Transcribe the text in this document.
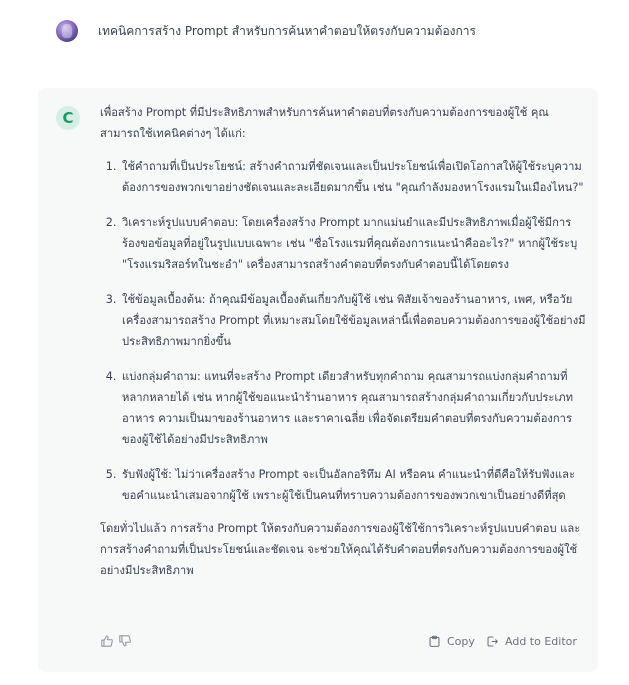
เทคนิคการสร้าง Prompt สำหรับการค้นหาคำตอบให้ตรงกับความต้องการ
C เพื่อสร้าง Prompt ที่มีประสิทธิภาพสำหรับการค้นหาคำตอบที่ตรงกับความต้องการของผู้ใช้ คุณสามารถใช้เทคนิคต่างๆ ได้แก่:

1. ใช้คำถามที่เป็นประโยชน์: สร้างคำถามที่ชัดเจนและเป็นประโยชน์เพื่อเปิดโอกาสให้ผู้ใช้ระบุความต้องการของพวกเขาอย่างชัดเจนและละเอียดมากขึ้น เช่น "คุณกำลังมองหาโรงแรมในเมืองไหน?"
2. วิเคราะห์รูปแบบคำตอบ: โดยเครื่องสร้าง Prompt มากแม่นยำและมีประสิทธิภาพเมื่อผู้ใช้มีการร้องขอข้อมูลที่อยู่ในรูปแบบเฉพาะ เช่น "ชื่อโรงแรมที่คุณต้องการแนะนำคืออะไร?" หากผู้ใช้ระบุ "โรงแรมริสอร์ทในชะอำ" เครื่องสามารถสร้างคำตอบที่ตรงกับคำตอบนี้ได้โดยตรง
3. ใช้ข้อมูลเบื้องต้น: ถ้าคุณมีข้อมูลเบื้องต้นเกี่ยวกับผู้ใช้ เช่น พิสัยเจ้าของร้านอาหาร, เพศ, หรือวัย เครื่องสามารถสร้าง Prompt ที่เหมาะสมโดยใช้ข้อมูลเหล่านี้เพื่อตอบความต้องการของผู้ใช้อย่างมีประสิทธิภาพมากยิ่งขึ้น
4. แบ่งกลุ่มคำถาม: แทนที่จะสร้าง Prompt เดียวสำหรับทุกคำถาม คุณสามารถแบ่งกลุ่มคำถามที่หลากหลายได้ เช่น หากผู้ใช้ขอแนะนำร้านอาหาร คุณสามารถสร้างกลุ่มคำถามเกี่ยวกับประเภทอาหาร ความเป็นมาของร้านอาหาร และราคาเฉลี่ย เพื่อจัดเตรียมคำตอบที่ตรงกับความต้องการของผู้ใช้ได้อย่างมีประสิทธิภาพ
5. รับฟังผู้ใช้: ไม่ว่าเครื่องสร้าง Prompt จะเป็นอัลกอริทึม AI หรือคน คำแนะนำที่ดีคือให้รับฟังและขอคำแนะนำเสมอจากผู้ใช้ เพราะผู้ใช้เป็นคนที่ทราบความต้องการของพวกเขาเป็นอย่างดีที่สุด

โดยทั่วไปแล้ว การสร้าง Prompt ให้ตรงกับความต้องการของผู้ใช้ใช้การวิเคราะห์รูปแบบคำตอบ และการสร้างคำถามที่เป็นประโยชน์และชัดเจน จะช่วยให้คุณได้รับคำตอบที่ตรงกับความต้องการของผู้ใช้อย่างมีประสิทธิภาพ

Copy	Add to Editor
